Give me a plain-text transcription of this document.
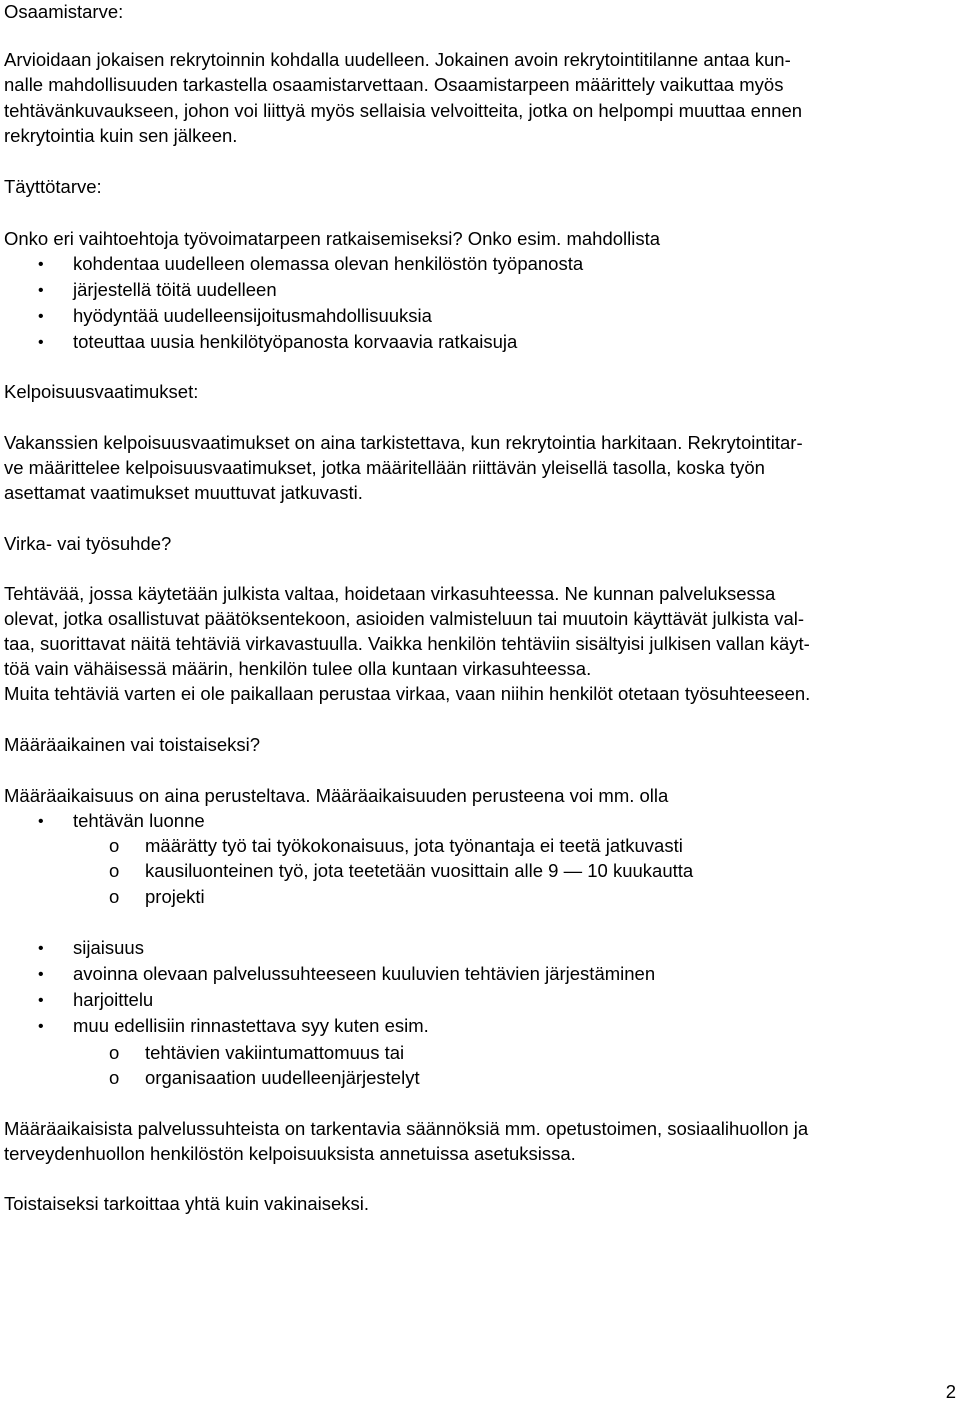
Osaamistarve:
Arvioidaan jokaisen rekrytoinnin kohdalla uudelleen. Jokainen avoin rekrytointitilanne antaa kun-
nalle mahdollisuuden tarkastella osaamistarvettaan. Osaamistarpeen määrittely vaikuttaa myös
tehtävänkuvaukseen, johon voi liittyä myös sellaisia velvoitteita, jotka on helpompi muuttaa ennen
rekrytointia kuin sen jälkeen.
Täyttötarve:
Onko eri vaihtoehtoja työvoimatarpeen ratkaisemiseksi? Onko esim. mahdollista
• kohdentaa uudelleen olemassa olevan henkilöstön työpanosta
• järjestellä töitä uudelleen
• hyödyntää uudelleensijoitusmahdollisuuksia
• toteuttaa uusia henkilötyöpanosta korvaavia ratkaisuja
Kelpoisuusvaatimukset:
Vakanssien kelpoisuusvaatimukset on aina tarkistettava, kun rekrytointia harkitaan. Rekrytointitar-
ve määrittelee kelpoisuusvaatimukset, jotka määritellään riittävän yleisellä tasolla, koska työn
asettamat vaatimukset muuttuvat jatkuvasti.
Virka- vai työsuhde?
Tehtävää, jossa käytetään julkista valtaa, hoidetaan virkasuhteessa. Ne kunnan palveluksessa
olevat, jotka osallistuvat päätöksentekoon, asioiden valmisteluun tai muutoin käyttävät julkista val-
taa, suorittavat näitä tehtäviä virkavastuulla. Vaikka henkilön tehtäviin sisältyisi julkisen vallan käyt-
töä vain vähäisessä määrin, henkilön tulee olla kuntaan virkasuhteessa.
Muita tehtäviä varten ei ole paikallaan perustaa virkaa, vaan niihin henkilöt otetaan työsuhteeseen.
Määräaikainen vai toistaiseksi?
Määräaikaisuus on aina perusteltava. Määräaikaisuuden perusteena voi mm. olla
• tehtävän luonne
o määrätty työ tai työkokonaisuus, jota työnantaja ei teetä jatkuvasti
o kausiluonteinen työ, jota teetetään vuosittain alle 9 — 10 kuukautta
o projekti
• sijaisuus
• avoinna olevaan palvelussuhteeseen kuuluvien tehtävien järjestäminen
• harjoittelu
• muu edellisiin rinnastettava syy kuten esim.
o tehtävien vakiintumattomuus tai
o organisaation uudelleenjärjestelyt
Määräaikaisista palvelussuhteista on tarkentavia säännöksiä mm. opetustoimen, sosiaalihuollon ja
terveydenhuollon henkilöstön kelpoisuuksista annetuissa asetuksissa.
Toistaiseksi tarkoittaa yhtä kuin vakinaiseksi.
2
